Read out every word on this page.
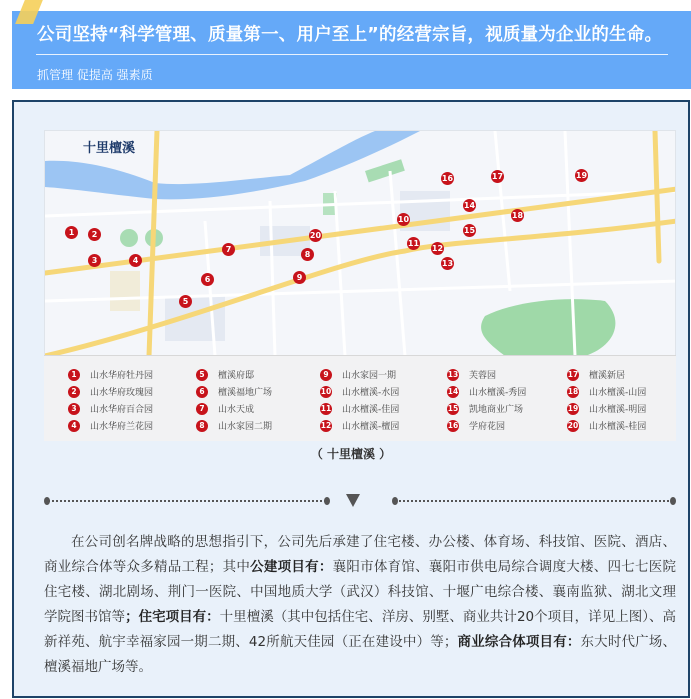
公司坚持“科学管理、质量第一、用户至上”的经营宗旨，视质量为企业的生命。
抓管理 促提高 强素质
十里檀溪
1	2
3	4
5
6
7
8
9
10
11
12
13
14
15
16	17
18
19
20
1	山水华府牡丹园
2	山水华府玫瑰园
3	山水华府百合园
4	山水华府兰花园
5	檀溪府邸
6	檀溪福地广场
7	山水天成
8	山水家园二期
9	山水家园一期
10 山水檀溪-水园
11 山水檀溪-佳园
12 山水檀溪-檀园
13 芙蓉园
14 山水檀溪-秀园
15 凯地商业广场
16 学府花园
17 檀溪新居
18 山水檀溪-山园
19 山水檀溪-明园
20 山水檀溪-桂园
（ 十里檀溪 ）

在公司创名牌战略的思想指引下，公司先后承建了住宅楼、办公楼、体育场、科技馆、医院、酒店、商业综合体等众多精品工程；其中公建项目有：襄阳市体育馆、襄阳市供电局综合调度大楼、四七七医院住宅楼、湖北剧场、荆门一医院、中国地质大学（武汉）科技馆、十堰广电综合楼、襄南监狱、湖北文理学院图书馆等；住宅项目有：十里檀溪（其中包括住宅、洋房、别墅、商业共计20个项目，详见上图）、高新祥苑、航宇幸福家园一期二期、42所航天佳园（正在建设中）等；商业综合体项目有：东大时代广场、檀溪福地广场等。
